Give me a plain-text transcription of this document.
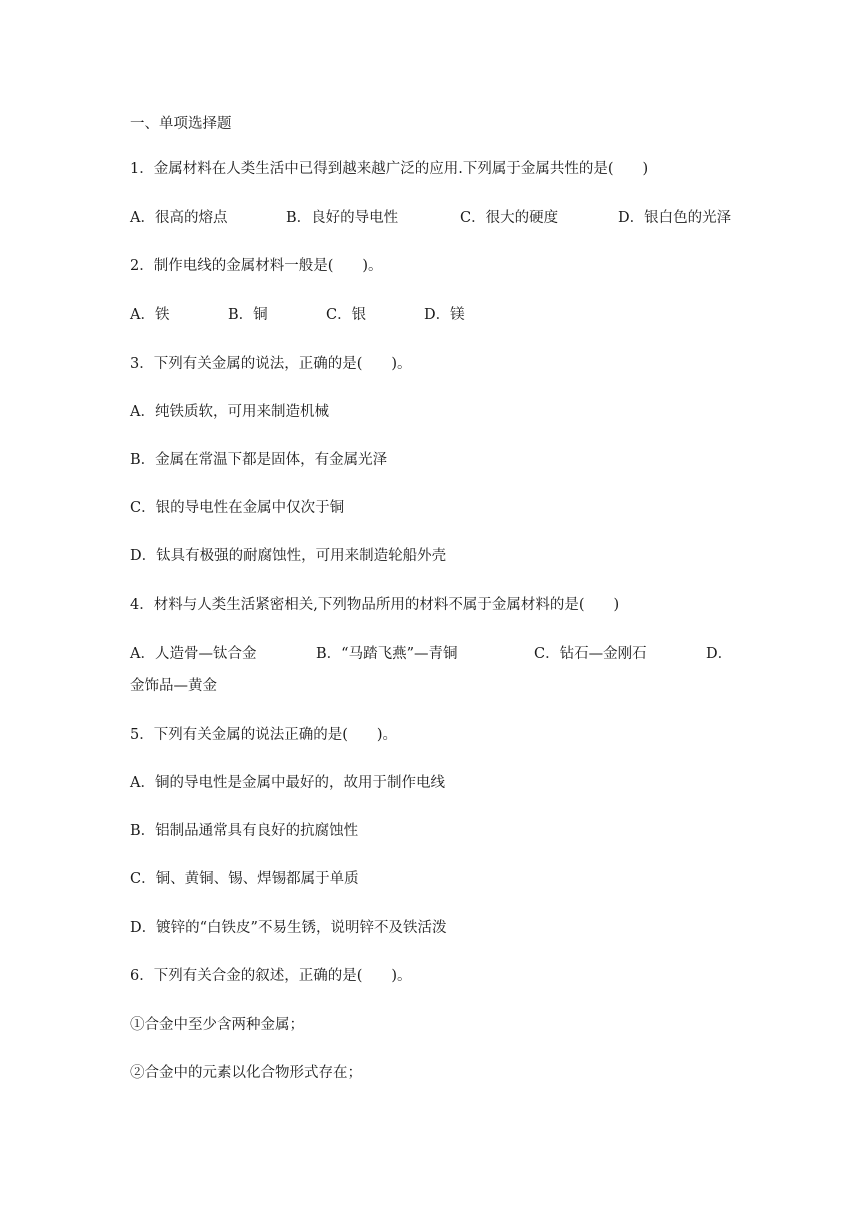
一、单项选择题
1．金属材料在人类生活中已得到越来越广泛的应用.下列属于金属共性的是(　　)
A．很高的熔点	B．良好的导电性	C．很大的硬度	D．银白色的光泽
2．制作电线的金属材料一般是(　　)。
A．铁	B．铜	C．银	D．镁
3．下列有关金属的说法，正确的是(　　)。
A．纯铁质软，可用来制造机械
B．金属在常温下都是固体，有金属光泽
C．银的导电性在金属中仅次于铜
D．钛具有极强的耐腐蚀性，可用来制造轮船外壳
4．材料与人类生活紧密相关,下列物品所用的材料不属于金属材料的是(　　)
A．人造骨—钛合金	B．“马踏飞燕”—青铜	C．钻石—金刚石	D．
金饰品—黄金
5．下列有关金属的说法正确的是(　　)。
A．铜的导电性是金属中最好的，故用于制作电线
B．铝制品通常具有良好的抗腐蚀性
C．铜、黄铜、锡、焊锡都属于单质
D．镀锌的“白铁皮”不易生锈，说明锌不及铁活泼
6．下列有关合金的叙述，正确的是(　　)。
①合金中至少含两种金属；
②合金中的元素以化合物形式存在；
